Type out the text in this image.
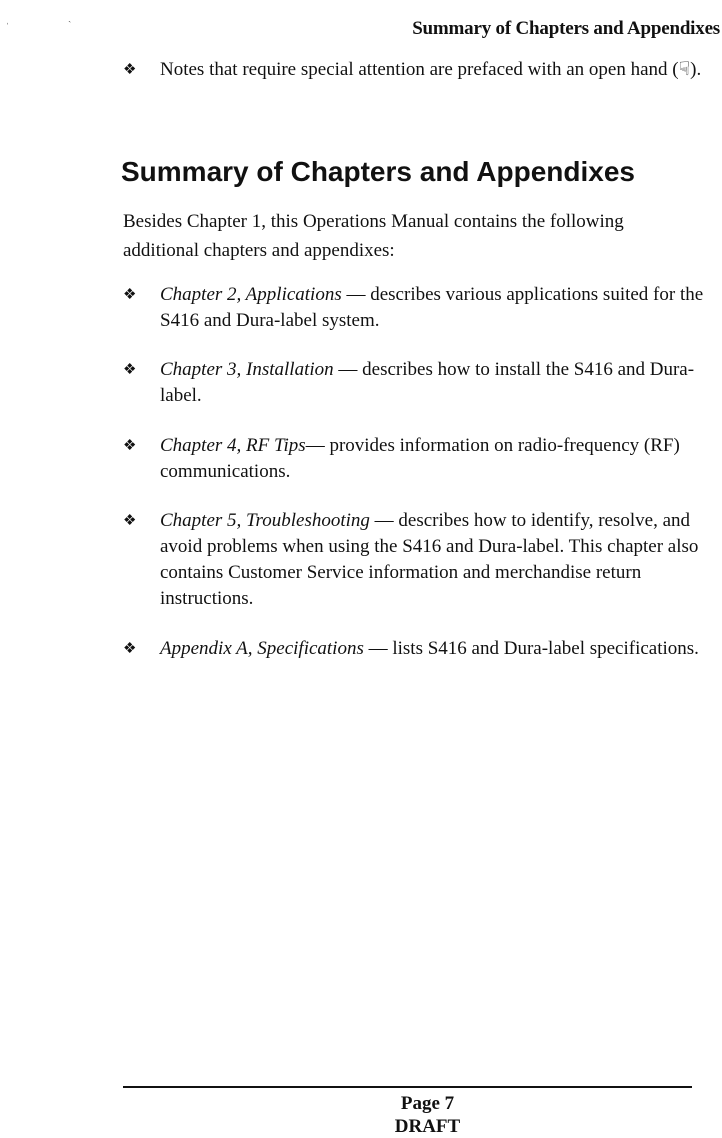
ˌ	ˏ
Summary of Chapters and Appendixes
❖ Notes that require special attention are prefaced with an open hand (☟).
Summary of Chapters and Appendixes

Besides Chapter 1, this Operations Manual contains the following additional chapters and appendixes:

❖ Chapter 2, Applications — describes various applications suited for the S416 and Dura-label system.
❖ Chapter 3, Installation — describes how to install the S416 and Dura-label.
❖ Chapter 4, RF Tips— provides information on radio-frequency (RF) communications.
❖ Chapter 5, Troubleshooting — describes how to identify, resolve, and avoid problems when using the S416 and Dura-label. This chapter also contains Customer Service information and merchandise return instructions.
❖ Appendix A, Specifications — lists S416 and Dura-label specifications.
Page 7
DRAFT
